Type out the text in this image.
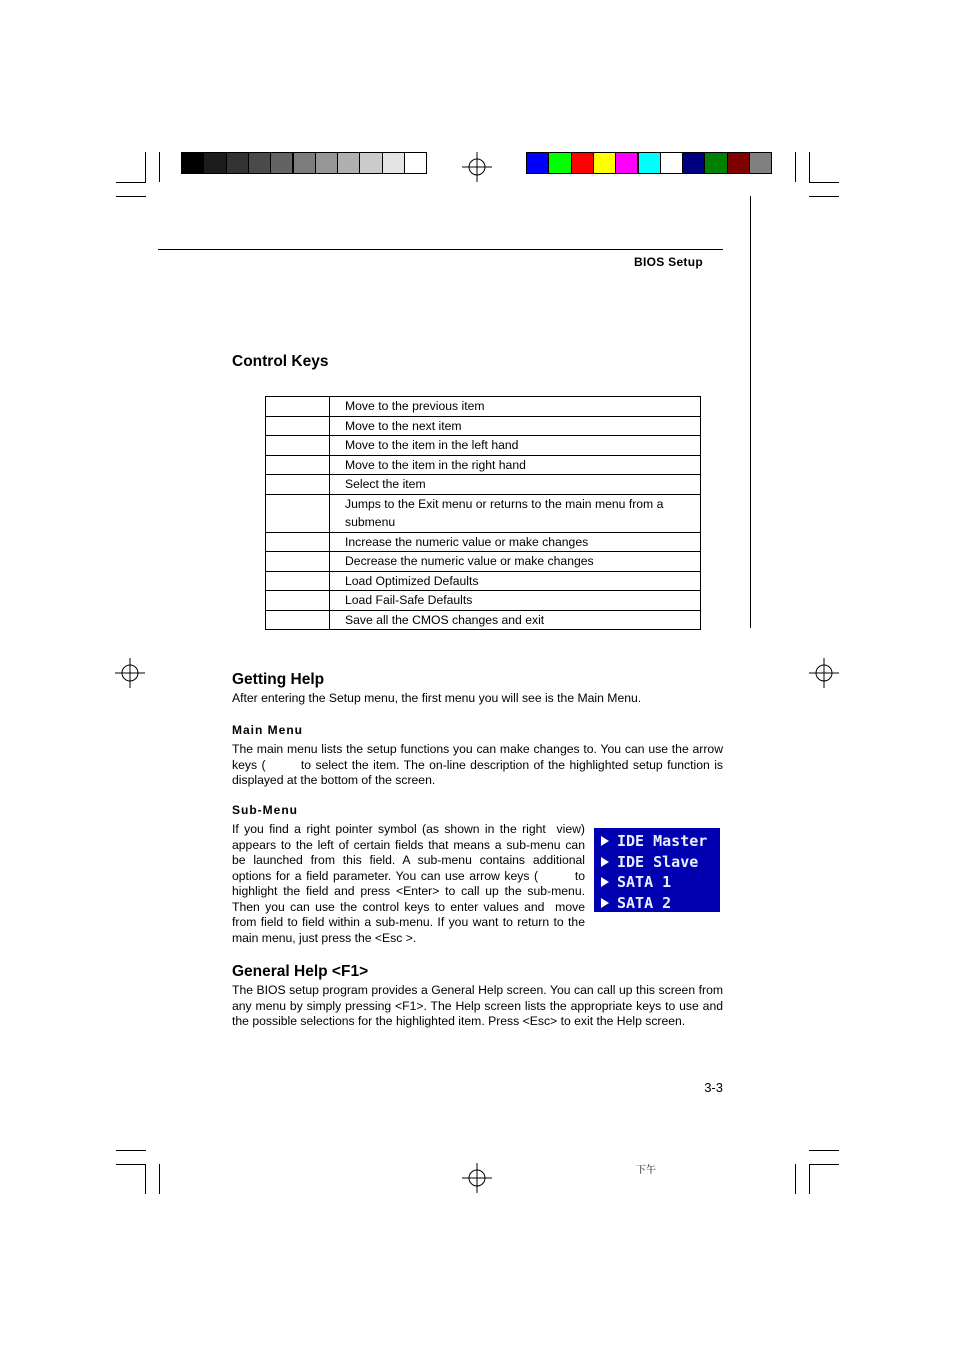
BIOS Setup
Control Keys
	Move to the previous item
	Move to the next item
	Move to the item in the left hand
	Move to the item in the right hand
	Select the item
	Jumps to the Exit menu or returns to the main menu from a submenu
	Increase the numeric value or make changes
	Decrease the numeric value or make changes
	Load Optimized Defaults
	Load Fail-Safe Defaults
	Save all the CMOS changes and exit
Getting Help

After entering the Setup menu, the first menu you will see is the Main Menu.

Main Menu

The main menu lists the setup functions you can make changes to. You can use the arrow keys (        to select the item. The on-line description of the highlighted setup function is displayed at the bottom of the screen.

Sub-Menu

If you find a right pointer symbol (as shown in the right  view) appears to the left of certain fields that means a sub-menu can be launched from this field. A sub-menu contains additional options for a field parameter. You can use arrow keys (        to highlight the field and press <Enter> to call up the sub-menu. Then you can use the control keys to enter values and  move from field to field within a sub-menu. If you want to return to the main menu, just press the <Esc >.

IDE Master
IDE Slave
SATA 1
SATA 2
General Help <F1>

The BIOS setup program provides a General Help screen. You can call up this screen from any menu by simply pressing <F1>. The Help screen lists the appropriate keys to use and the possible selections for the highlighted item. Press <Esc> to exit the Help screen.

3-3
下午
